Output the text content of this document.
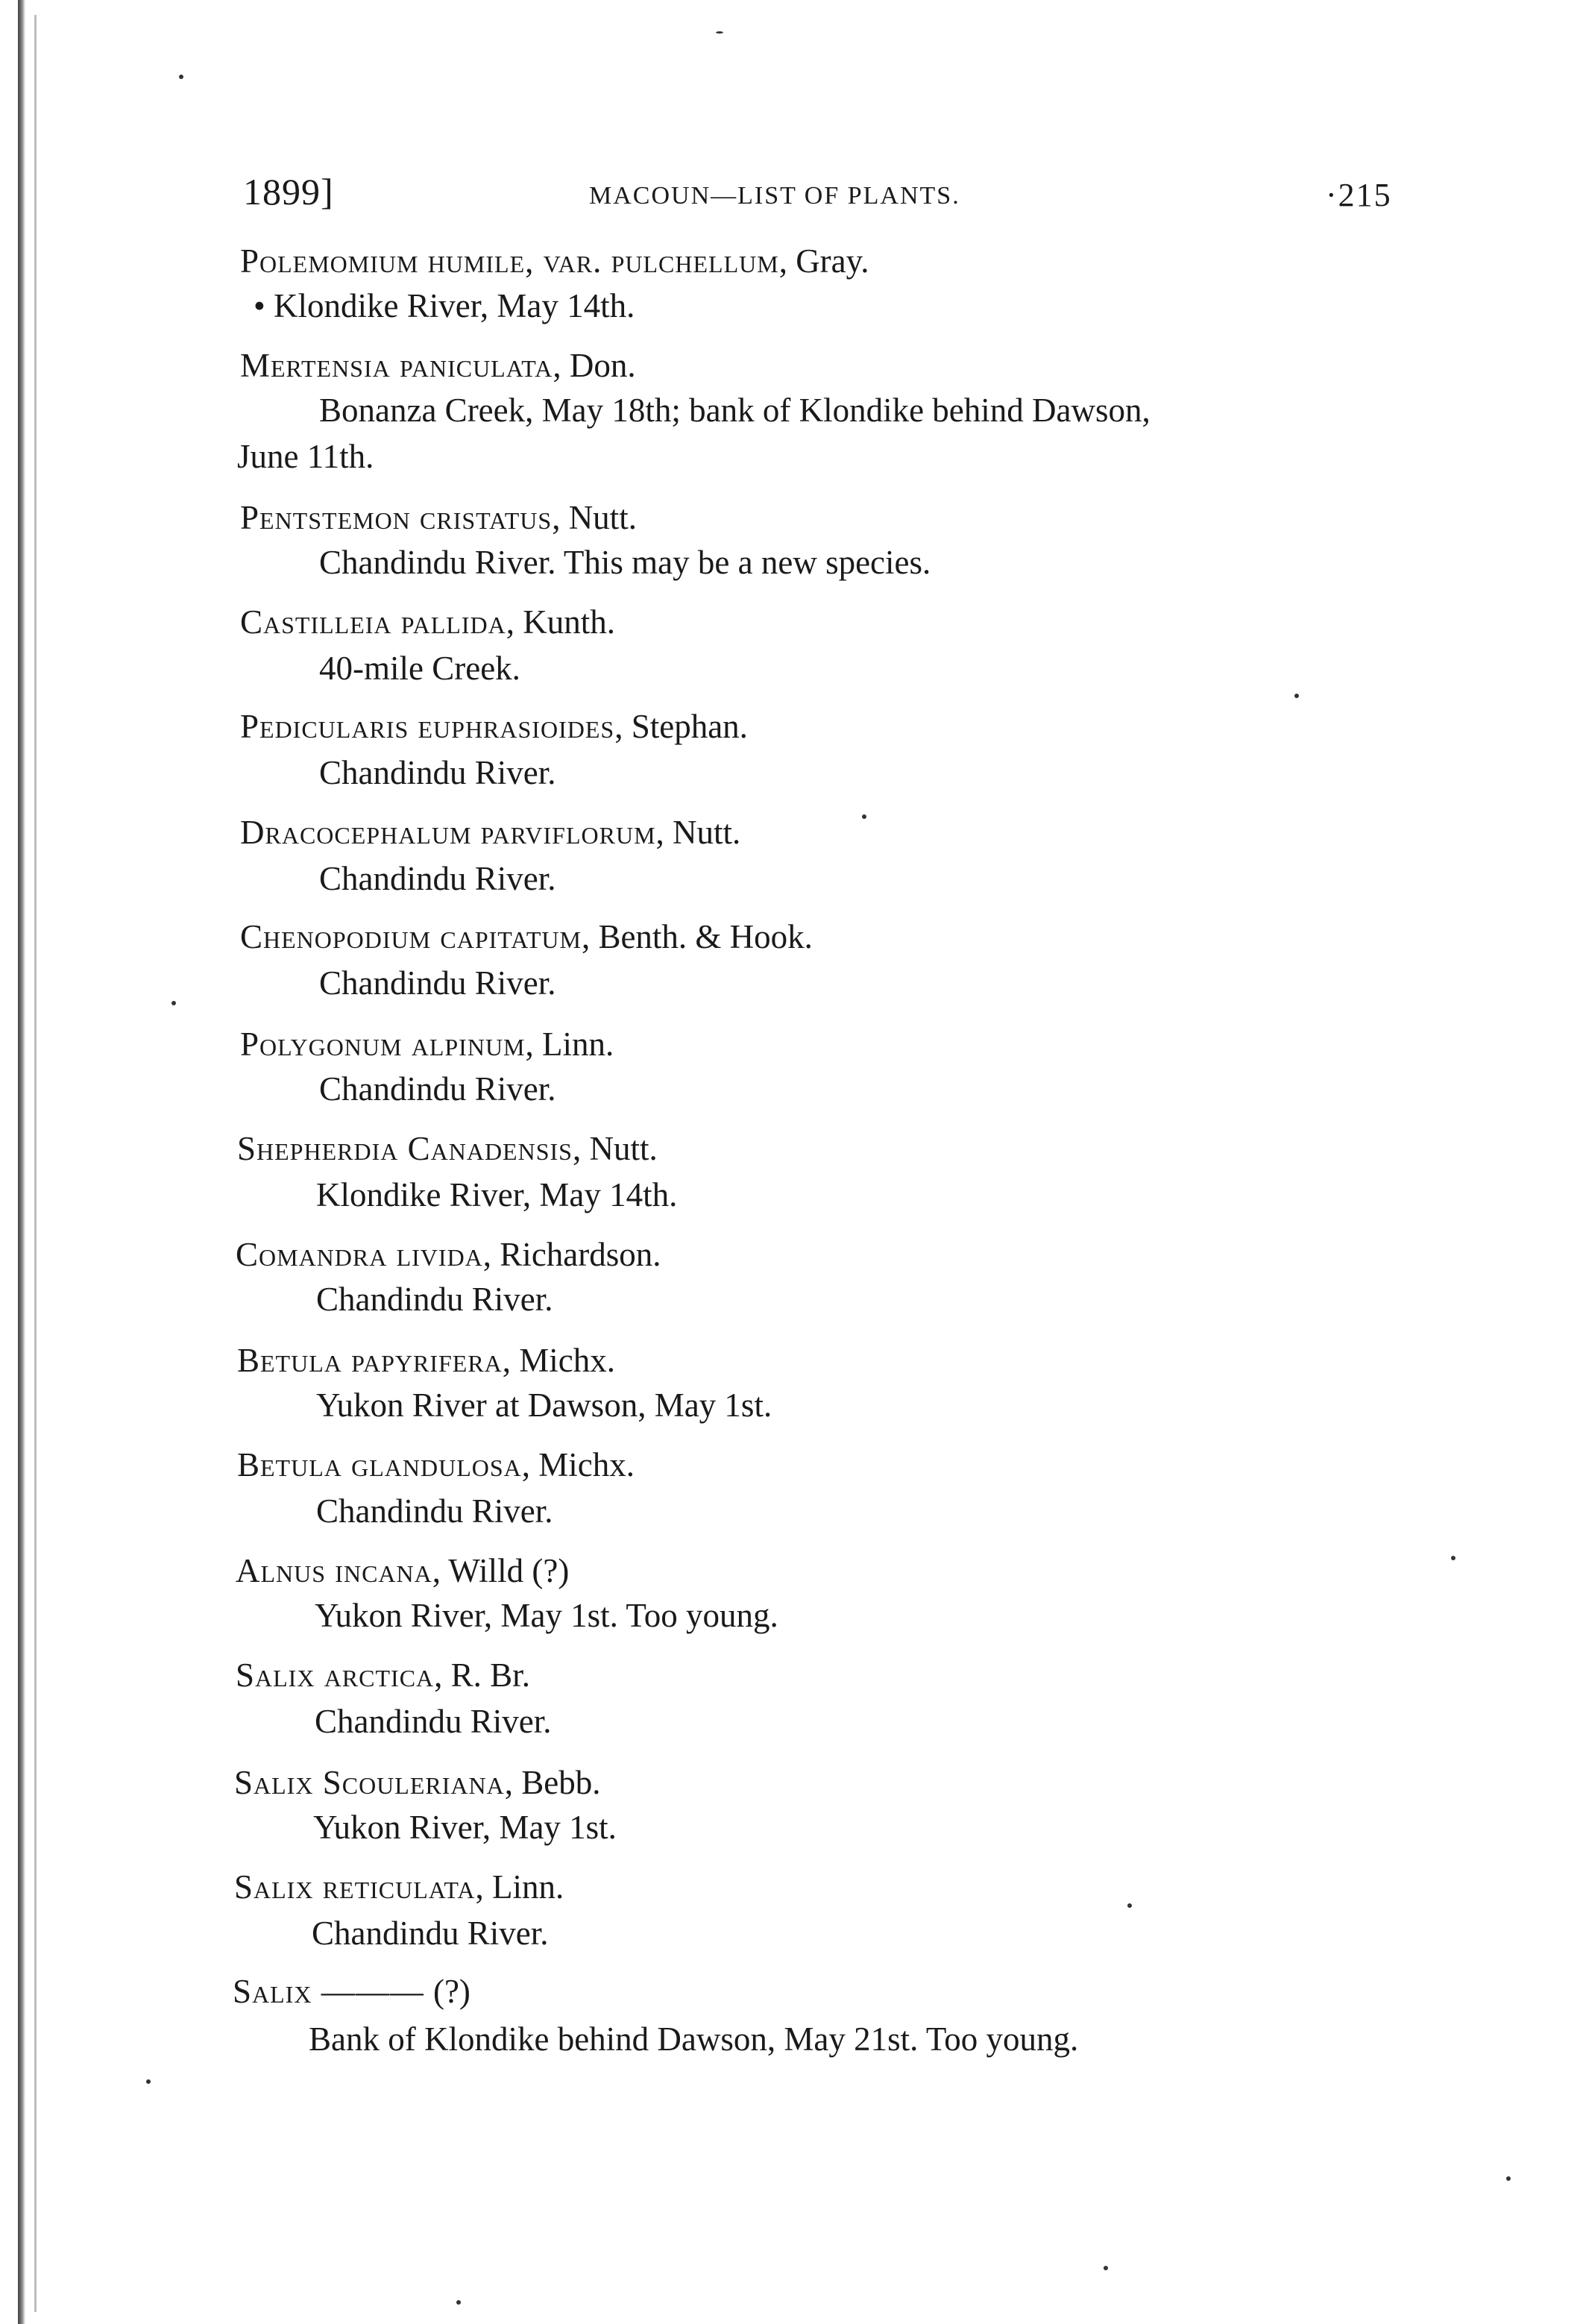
1899]	MACOUN—LIST OF PLANTS.	·215
Polemomium humile, var. pulchellum, Gray.
• Klondike River, May 14th.
Mertensia paniculata, Don.
Bonanza Creek, May 18th; bank of Klondike behind Dawson,
June 11th.
Pentstemon cristatus, Nutt.
Chandindu River. This may be a new species.
Castilleia pallida, Kunth.
40-mile Creek.
Pedicularis euphrasioides, Stephan.
Chandindu River.
Dracocephalum parviflorum, Nutt.
Chandindu River.
Chenopodium capitatum, Benth. & Hook.
Chandindu River.
Polygonum alpinum, Linn.
Chandindu River.
Shepherdia Canadensis, Nutt.
Klondike River, May 14th.
Comandra livida, Richardson.
Chandindu River.
Betula papyrifera, Michx.
Yukon River at Dawson, May 1st.
Betula glandulosa, Michx.
Chandindu River.
Alnus incana, Willd (?)
Yukon River, May 1st. Too young.
Salix arctica, R. Br.
Chandindu River.
Salix Scouleriana, Bebb.
Yukon River, May 1st.
Salix reticulata, Linn.
Chandindu River.
Salix ——— (?)
Bank of Klondike behind Dawson, May 21st. Too young.
